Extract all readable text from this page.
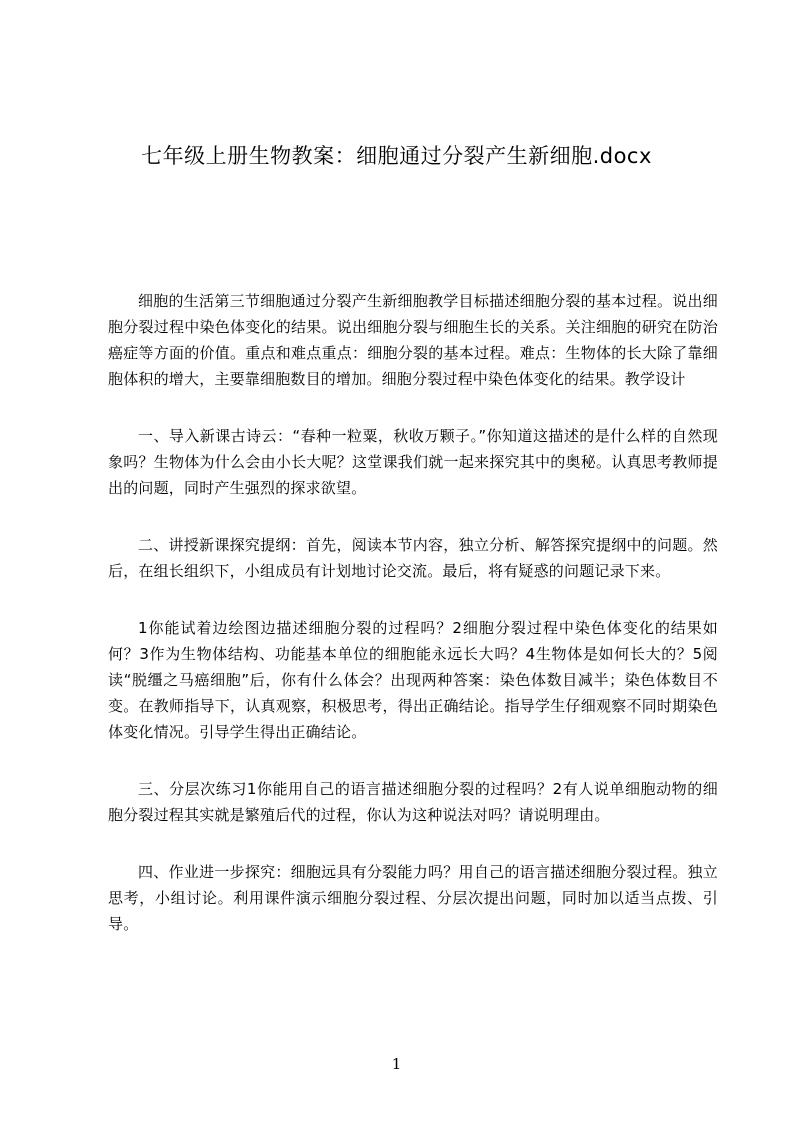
七年级上册生物教案：细胞通过分裂产生新细胞.docx

细胞的生活第三节细胞通过分裂产生新细胞教学目标描述细胞分裂的基本过程。说出细胞分裂过程中染色体变化的结果。说出细胞分裂与细胞生长的关系。关注细胞的研究在防治癌症等方面的价值。重点和难点重点：细胞分裂的基本过程。难点：生物体的长大除了靠细胞体积的增大，主要靠细胞数目的增加。细胞分裂过程中染色体变化的结果。教学设计

一、导入新课古诗云：“春种一粒粟，秋收万颗子。”你知道这描述的是什么样的自然现象吗？生物体为什么会由小长大呢？这堂课我们就一起来探究其中的奥秘。认真思考教师提出的问题，同时产生强烈的探求欲望。

二、讲授新课探究提纲：首先，阅读本节内容，独立分析、解答探究提纲中的问题。然后，在组长组织下，小组成员有计划地讨论交流。最后，将有疑惑的问题记录下来。

1你能试着边绘图边描述细胞分裂的过程吗？2细胞分裂过程中染色体变化的结果如何？3作为生物体结构、功能基本单位的细胞能永远长大吗？4生物体是如何长大的？5阅读“脱缰之马癌细胞”后，你有什么体会？出现两种答案：染色体数目减半；染色体数目不变。在教师指导下，认真观察，积极思考，得出正确结论。指导学生仔细观察不同时期染色体变化情况。引导学生得出正确结论。

三、分层次练习1你能用自己的语言描述细胞分裂的过程吗？2有人说单细胞动物的细胞分裂过程其实就是繁殖后代的过程，你认为这种说法对吗？请说明理由。

四、作业进一步探究：细胞远具有分裂能力吗？用自己的语言描述细胞分裂过程。独立思考，小组讨论。利用课件演示细胞分裂过程、分层次提出问题，同时加以适当点拨、引导。

1
